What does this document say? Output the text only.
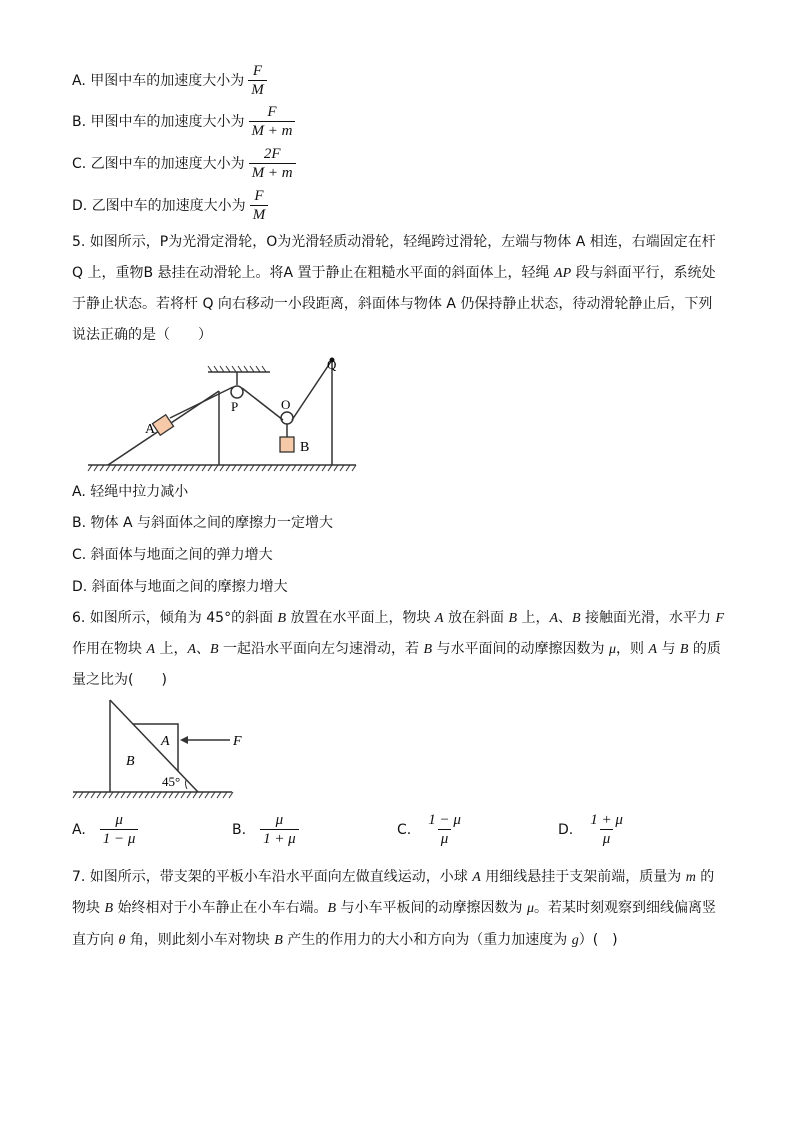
A. 甲图中车的加速度大小为 $\frac{F}{M}$
B. 甲图中车的加速度大小为 $\frac{F}{M + m}$
C. 乙图中车的加速度大小为 $\frac{2F}{M + m}$
D. 乙图中车的加速度大小为 $\frac{F}{M}$
5. 如图所示，P为光滑定滑轮，O为光滑轻质动滑轮，轻绳跨过滑轮，左端与物体 A 相连，右端固定在杆
Q 上，重物B 悬挂在动滑轮上。将A 置于静止在粗糙水平面的斜面体上，轻绳 AP 段与斜面平行，系统处
于静止状态。若将杆 Q 向右移动一小段距离，斜面体与物体 A 仍保持静止状态，待动滑轮静止后，下列
说法正确的是（　　）
A
P	O
Q
B
A
B
F
45°
A. 轻绳中拉力减小
B. 物体 A 与斜面体之间的摩擦力一定增大
C. 斜面体与地面之间的弹力增大
D. 斜面体与地面之间的摩擦力增大
6. 如图所示，倾角为 45°的斜面 B 放置在水平面上，物块 A 放在斜面 B 上，A、B 接触面光滑，水平力 F
作用在物块 A 上，A、B 一起沿水平面向左匀速滑动，若 B 与水平面间的动摩擦因数为 μ，则 A 与 B 的质
量之比为(　　)
A. $\frac{\mu}{1 - \mu}$	B. $\frac{\mu}{1 + \mu}$	C. $\frac{1 - \mu}{\mu}$	D. $\frac{1 + \mu}{\mu}$
7. 如图所示，带支架的平板小车沿水平面向左做直线运动，小球 A 用细线悬挂于支架前端，质量为 m 的
物块 B 始终相对于小车静止在小车右端。B 与小车平板间的动摩擦因数为 μ。若某时刻观察到细线偏离竖
直方向 θ 角，则此刻小车对物块 B 产生的作用力的大小和方向为（重力加速度为 g）(　)
